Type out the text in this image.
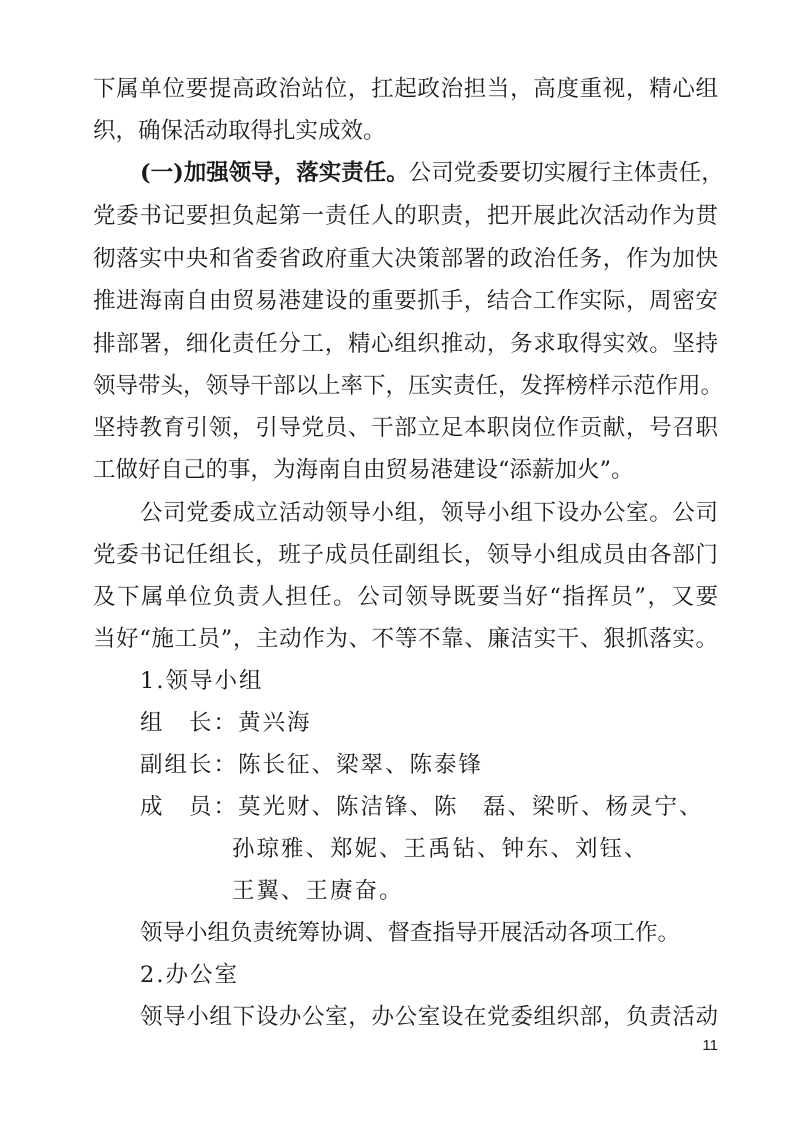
下属单位要提高政治站位，扛起政治担当，高度重视，精心组
织，确保活动取得扎实成效。
(一)加强领导，落实责任。公司党委要切实履行主体责任，
党委书记要担负起第一责任人的职责，把开展此次活动作为贯
彻落实中央和省委省政府重大决策部署的政治任务，作为加快
推进海南自由贸易港建设的重要抓手，结合工作实际，周密安
排部署，细化责任分工，精心组织推动，务求取得实效。坚持
领导带头，领导干部以上率下，压实责任，发挥榜样示范作用。
坚持教育引领，引导党员、干部立足本职岗位作贡献，号召职
工做好自己的事，为海南自由贸易港建设“添薪加火”。
公司党委成立活动领导小组，领导小组下设办公室。公司
党委书记任组长，班子成员任副组长，领导小组成员由各部门
及下属单位负责人担任。公司领导既要当好“指挥员”，又要
当好“施工员”，主动作为、不等不靠、廉洁实干、狠抓落实。
1.领导小组
组　长：黄兴海
副组长：陈长征、梁翠、陈泰锋
成　员：莫光财、陈洁锋、陈　磊、梁昕、杨灵宁、
孙琼雅、郑妮、王禹钻、钟东、刘钰、
王翼、王赓奋。
领导小组负责统筹协调、督查指导开展活动各项工作。
2.办公室
领导小组下设办公室，办公室设在党委组织部，负责活动
11
